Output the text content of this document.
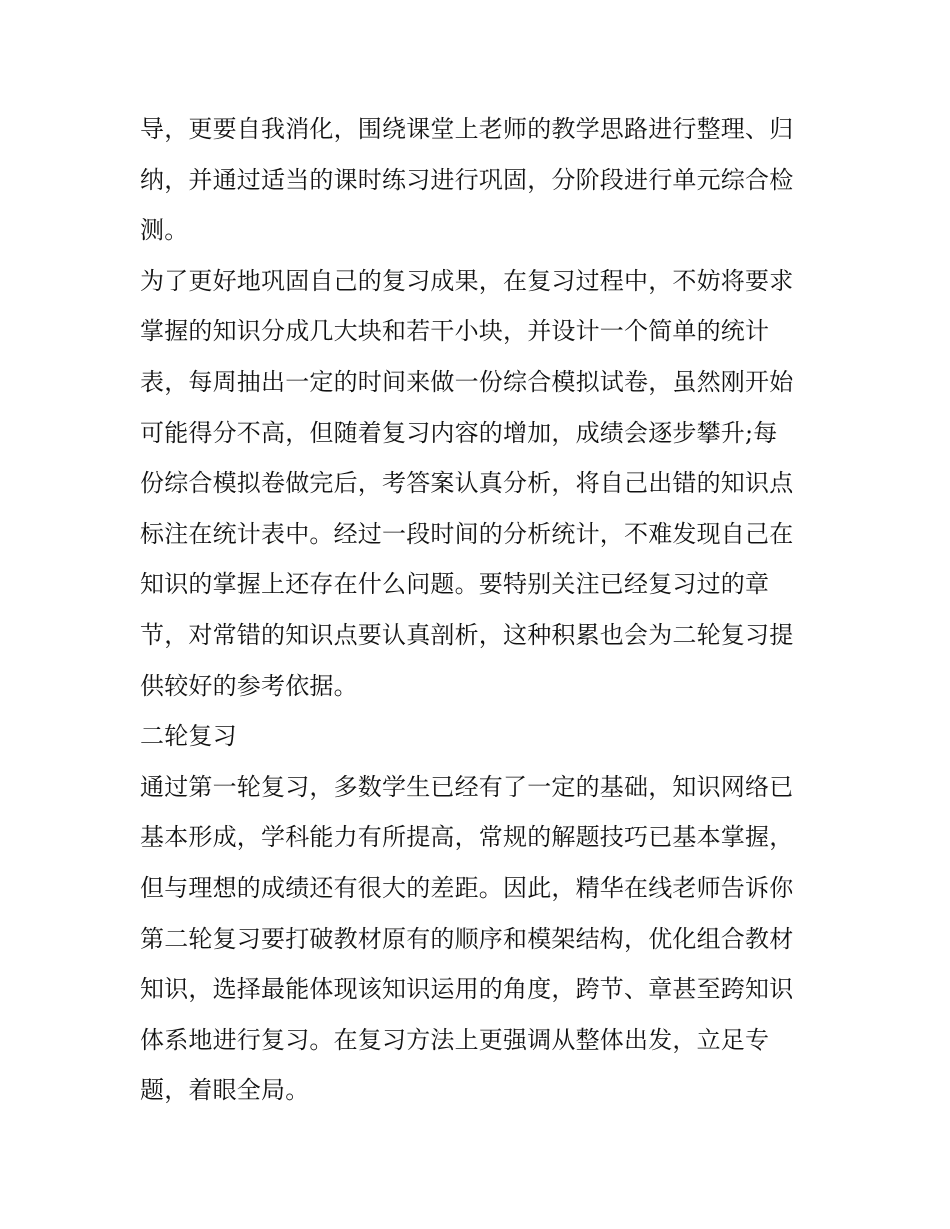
导，更要自我消化，围绕课堂上老师的教学思路进行整理、归
纳，并通过适当的课时练习进行巩固，分阶段进行单元综合检
测。
为了更好地巩固自己的复习成果，在复习过程中，不妨将要求
掌握的知识分成几大块和若干小块，并设计一个简单的统计
表，每周抽出一定的时间来做一份综合模拟试卷，虽然刚开始
可能得分不高，但随着复习内容的增加，成绩会逐步攀升;每
份综合模拟卷做完后，考答案认真分析，将自己出错的知识点
标注在统计表中。经过一段时间的分析统计，不难发现自己在
知识的掌握上还存在什么问题。要特别关注已经复习过的章
节，对常错的知识点要认真剖析，这种积累也会为二轮复习提
供较好的参考依据。
二轮复习
通过第一轮复习，多数学生已经有了一定的基础，知识网络已
基本形成，学科能力有所提高，常规的解题技巧已基本掌握，
但与理想的成绩还有很大的差距。因此，精华在线老师告诉你
第二轮复习要打破教材原有的顺序和模架结构，优化组合教材
知识，选择最能体现该知识运用的角度，跨节、章甚至跨知识
体系地进行复习。在复习方法上更强调从整体出发，立足专
题，着眼全局。
